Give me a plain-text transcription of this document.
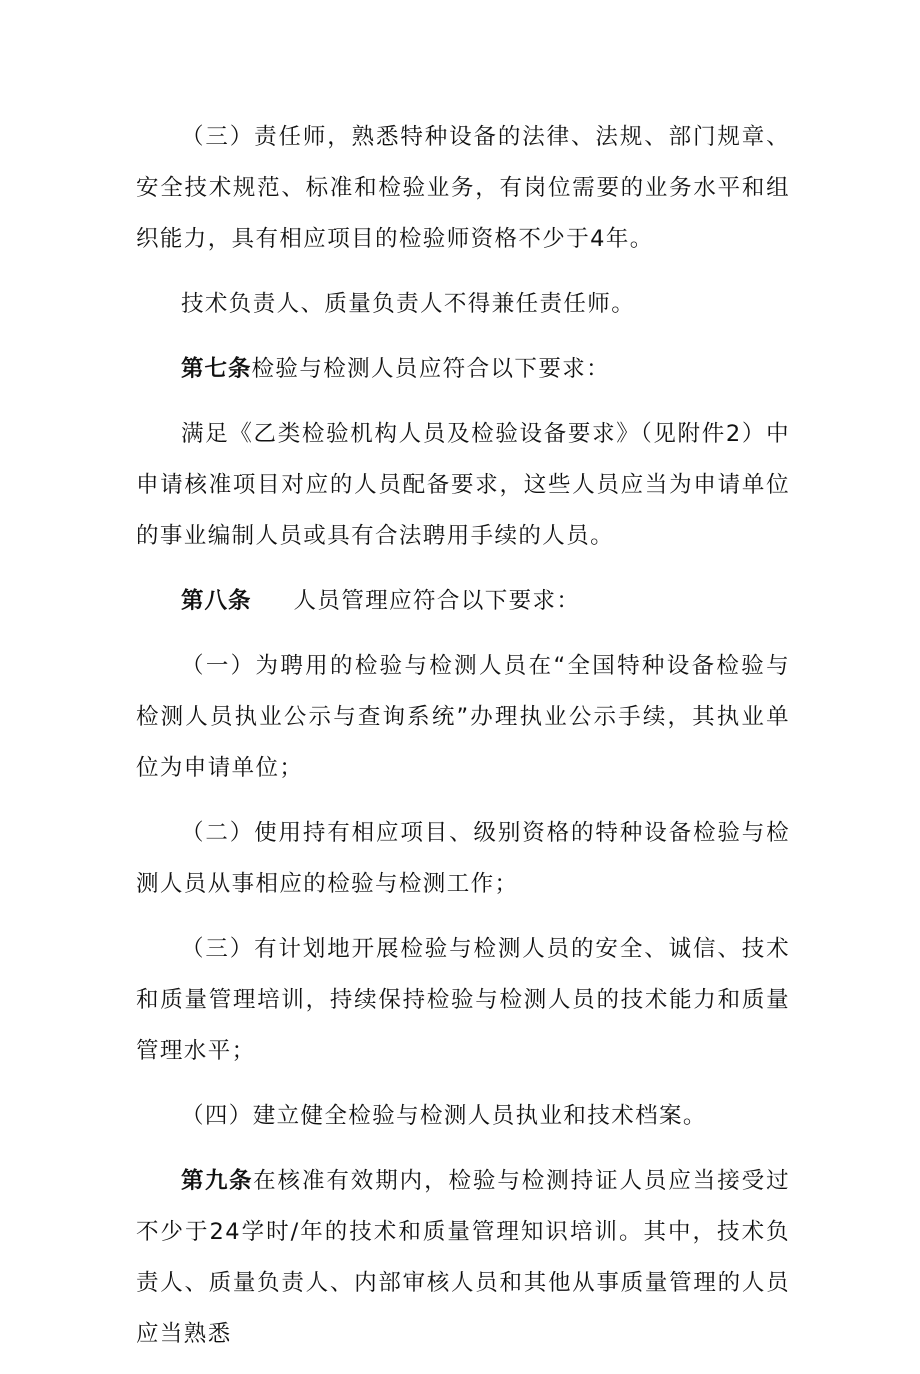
（三）责任师，熟悉特种设备的法律、法规、部门规章、安全技术规范、标准和检验业务，有岗位需要的业务水平和组织能力，具有相应项目的检验师资格不少于4年。

技术负责人、质量负责人不得兼任责任师。

第七条检验与检测人员应符合以下要求：

满足《乙类检验机构人员及检验设备要求》（见附件2）中申请核准项目对应的人员配备要求，这些人员应当为申请单位的事业编制人员或具有合法聘用手续的人员。

第八条 人员管理应符合以下要求：

（一）为聘用的检验与检测人员在“全国特种设备检验与检测人员执业公示与查询系统”办理执业公示手续，其执业单位为申请单位；

（二）使用持有相应项目、级别资格的特种设备检验与检测人员从事相应的检验与检测工作；

（三）有计划地开展检验与检测人员的安全、诚信、技术和质量管理培训，持续保持检验与检测人员的技术能力和质量管理水平；

（四）建立健全检验与检测人员执业和技术档案。

第九条在核准有效期内，检验与检测持证人员应当接受过不少于24学时/年的技术和质量管理知识培训。其中，技术负责人、质量负责人、内部审核人员和其他从事质量管理的人员应当熟悉
